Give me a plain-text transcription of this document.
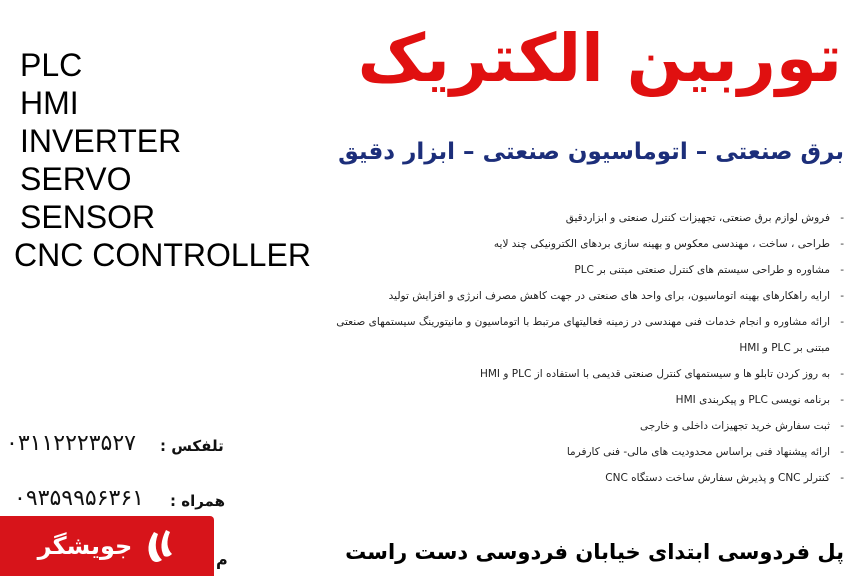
توربین الکتریک
برق صنعتی – اتوماسیون صنعتی – ابزار دقیق
PLC
HMI
INVERTER
SERVO
SENSOR
CNC CONTROLLER
- فروش لوازم برق صنعتی، تجهیزات کنترل صنعتی و ابزاردقیق
- طراحی ، ساخت ، مهندسی معکوس و بهینه سازی بردهای الکترونیکی چند لایه
- مشاوره و طراحی سیستم های کنترل صنعتی مبتنی بر PLC
- ارایه راهکارهای بهینه اتوماسیون، برای واحد های صنعتی در جهت کاهش مصرف انرژی و افزایش تولید
- ارائه مشاوره و انجام خدمات فنی مهندسی در زمینه فعالیتهای مرتبط با اتوماسیون و مانیتورینگ سیستمهای صنعتی مبتنی بر PLC و HMI
- به روز کردن تابلو ها و سیستمهای کنترل صنعتی قدیمی با استفاده از PLC و HMI
- برنامه نویسی PLC و پیکربندی HMI
- ثبت سفارش خرید تجهیزات داخلی و خارجی
- ارائه پیشنهاد فنی براساس محدودیت های مالی- فنی کارفرما
- کنترلر CNC و پذیرش سفارش ساخت دستگاه CNC
تلفکس :
۰۳۱۱۲۲۲۳۵۲۷
همراه :
۰۹۳۵۹۹۵۶۳۶۱

پل فردوسی ابتدای خیابان فردوسی دست راست

م
جویشگر
